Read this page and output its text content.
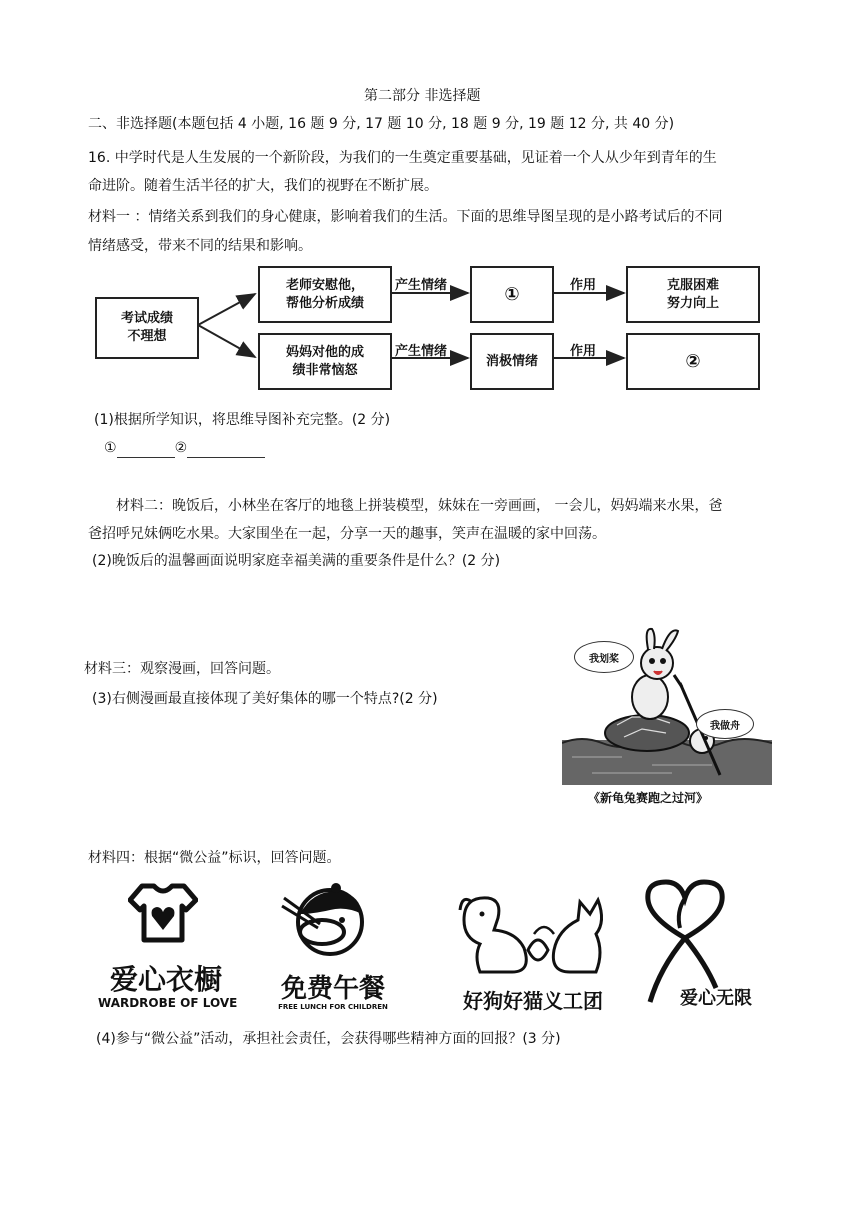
第二部分 非选择题
二、非选择题(本题包括 4 小题, 16 题 9 分, 17 题 10 分, 18 题 9 分, 19 题 12 分, 共 40 分)
16. 中学时代是人生发展的一个新阶段，为我们的一生奠定重要基础，见证着一个人从少年到青年的生
命进阶。随着生活半径的扩大，我们的视野在不断扩展。
材料一 ：情绪关系到我们的身心健康，影响着我们的生活。下面的思维导图呈现的是小路考试后的不同
情绪感受，带来不同的结果和影响。
考试成绩
不理想
老师安慰他，
帮他分析成绩
妈妈对他的成
绩非常恼怒
产生情绪
产生情绪
①
消极情绪
作用
作用
克服困难
努力向上
②
(1)根据所学知识，将思维导图补充完整。(2 分)
①	②
材料二：晚饭后，小林坐在客厅的地毯上拼装模型，妹妹在一旁画画， 一会儿，妈妈端来水果，爸
爸招呼兄妹俩吃水果。大家围坐在一起，分享一天的趣事，笑声在温暖的家中回荡。
(2)晚饭后的温馨画面说明家庭幸福美满的重要条件是什么？(2 分)
材料三：观察漫画，回答问题。
(3)右侧漫画最直接体现了美好集体的哪一个特点?(2 分)
我划桨
我做舟
《新龟兔赛跑之过河》
材料四：根据“微公益”标识，回答问题。
爱心衣橱
WARDROBE OF LOVE	免费午餐
FREE LUNCH FOR CHILDREN	好狗好猫义工团	爱心无限
(4)参与“微公益”活动，承担社会责任，会获得哪些精神方面的回报？(3 分)
